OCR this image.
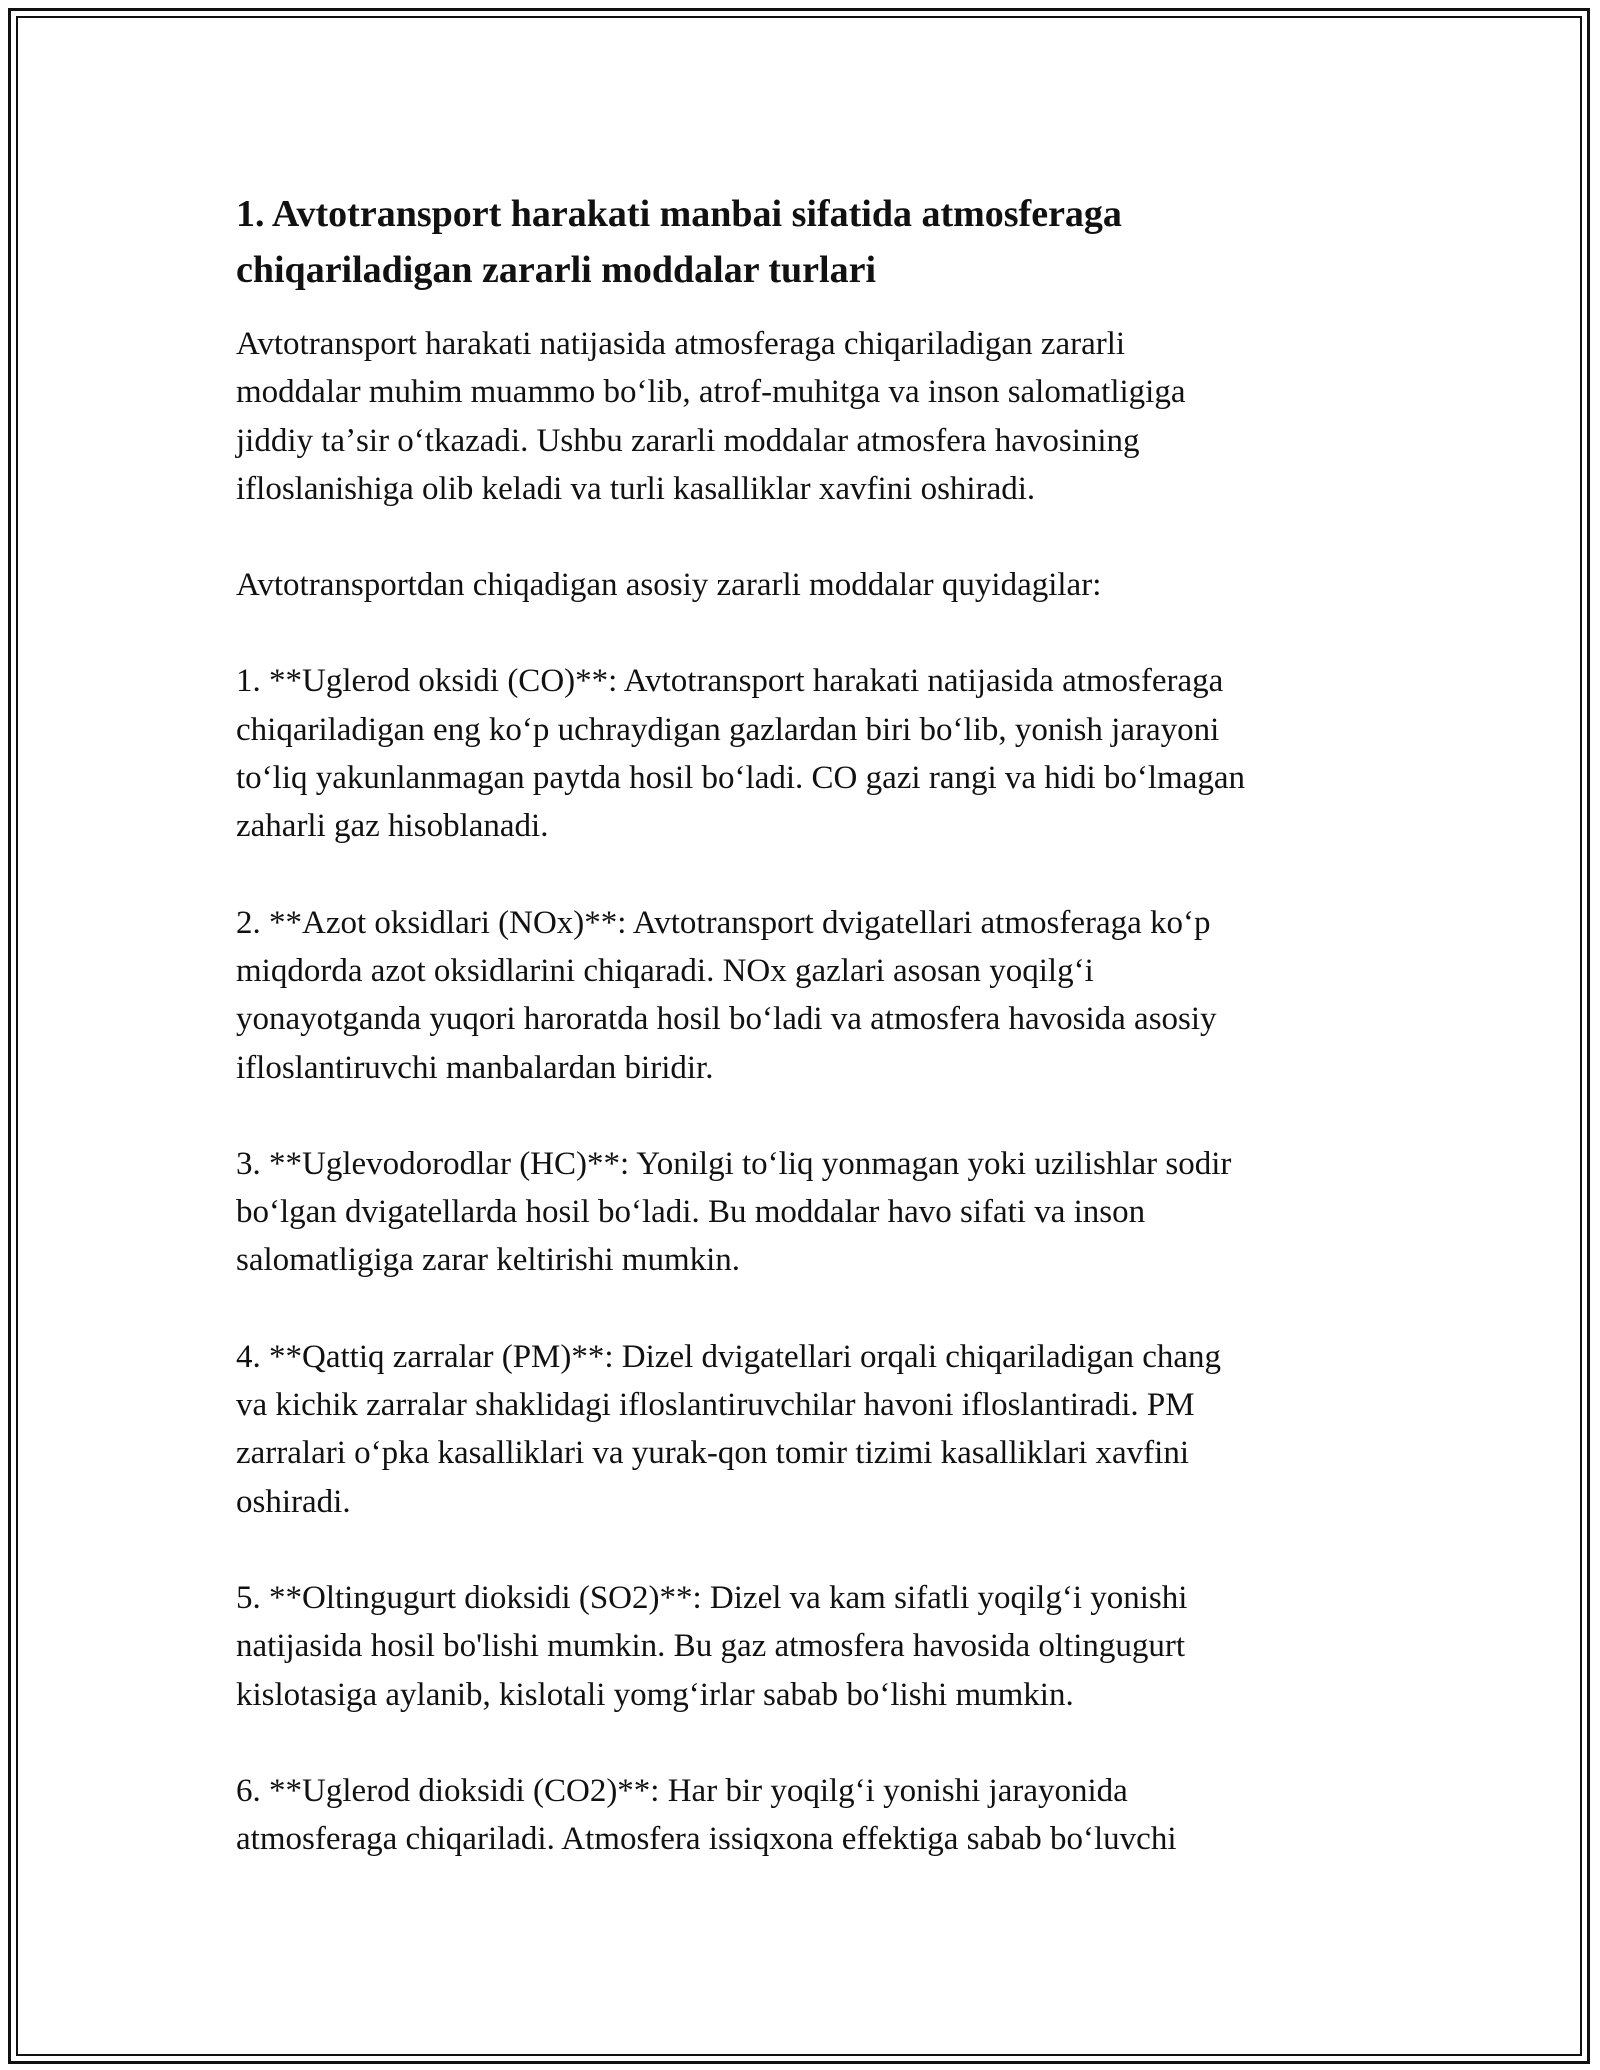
1. Avtotransport harakati manbai sifatida atmosferaga
chiqariladigan zararli moddalar turlari

Avtotransport harakati natijasida atmosferaga chiqariladigan zararli
moddalar muhim muammo boʻlib, atrof-muhitga va inson salomatligiga
jiddiy taʼsir oʻtkazadi. Ushbu zararli moddalar atmosfera havosining
ifloslanishiga olib keladi va turli kasalliklar xavfini oshiradi.

Avtotransportdan chiqadigan asosiy zararli moddalar quyidagilar:

1. **Uglerod oksidi (CO)**: Avtotransport harakati natijasida atmosferaga
chiqariladigan eng koʻp uchraydigan gazlardan biri boʻlib, yonish jarayoni
toʻliq yakunlanmagan paytda hosil boʻladi. CO gazi rangi va hidi boʻlmagan
zaharli gaz hisoblanadi.

2. **Azot oksidlari (NOx)**: Avtotransport dvigatellari atmosferaga koʻp
miqdorda azot oksidlarini chiqaradi. NOx gazlari asosan yoqilgʻi
yonayotganda yuqori haroratda hosil boʻladi va atmosfera havosida asosiy
ifloslantiruvchi manbalardan biridir.

3. **Uglevodorodlar (HC)**: Yonilgi toʻliq yonmagan yoki uzilishlar sodir
boʻlgan dvigatellarda hosil boʻladi. Bu moddalar havo sifati va inson
salomatligiga zarar keltirishi mumkin.

4. **Qattiq zarralar (PM)**: Dizel dvigatellari orqali chiqariladigan chang
va kichik zarralar shaklidagi ifloslantiruvchilar havoni ifloslantiradi. PM
zarralari oʻpka kasalliklari va yurak-qon tomir tizimi kasalliklari xavfini
oshiradi.

5. **Oltingugurt dioksidi (SO2)**: Dizel va kam sifatli yoqilgʻi yonishi
natijasida hosil bo'lishi mumkin. Bu gaz atmosfera havosida oltingugurt
kislotasiga aylanib, kislotali yomgʻirlar sabab boʻlishi mumkin.

6. **Uglerod dioksidi (CO2)**: Har bir yoqilgʻi yonishi jarayonida
atmosferaga chiqariladi. Atmosfera issiqxona effektiga sabab boʻluvchi
